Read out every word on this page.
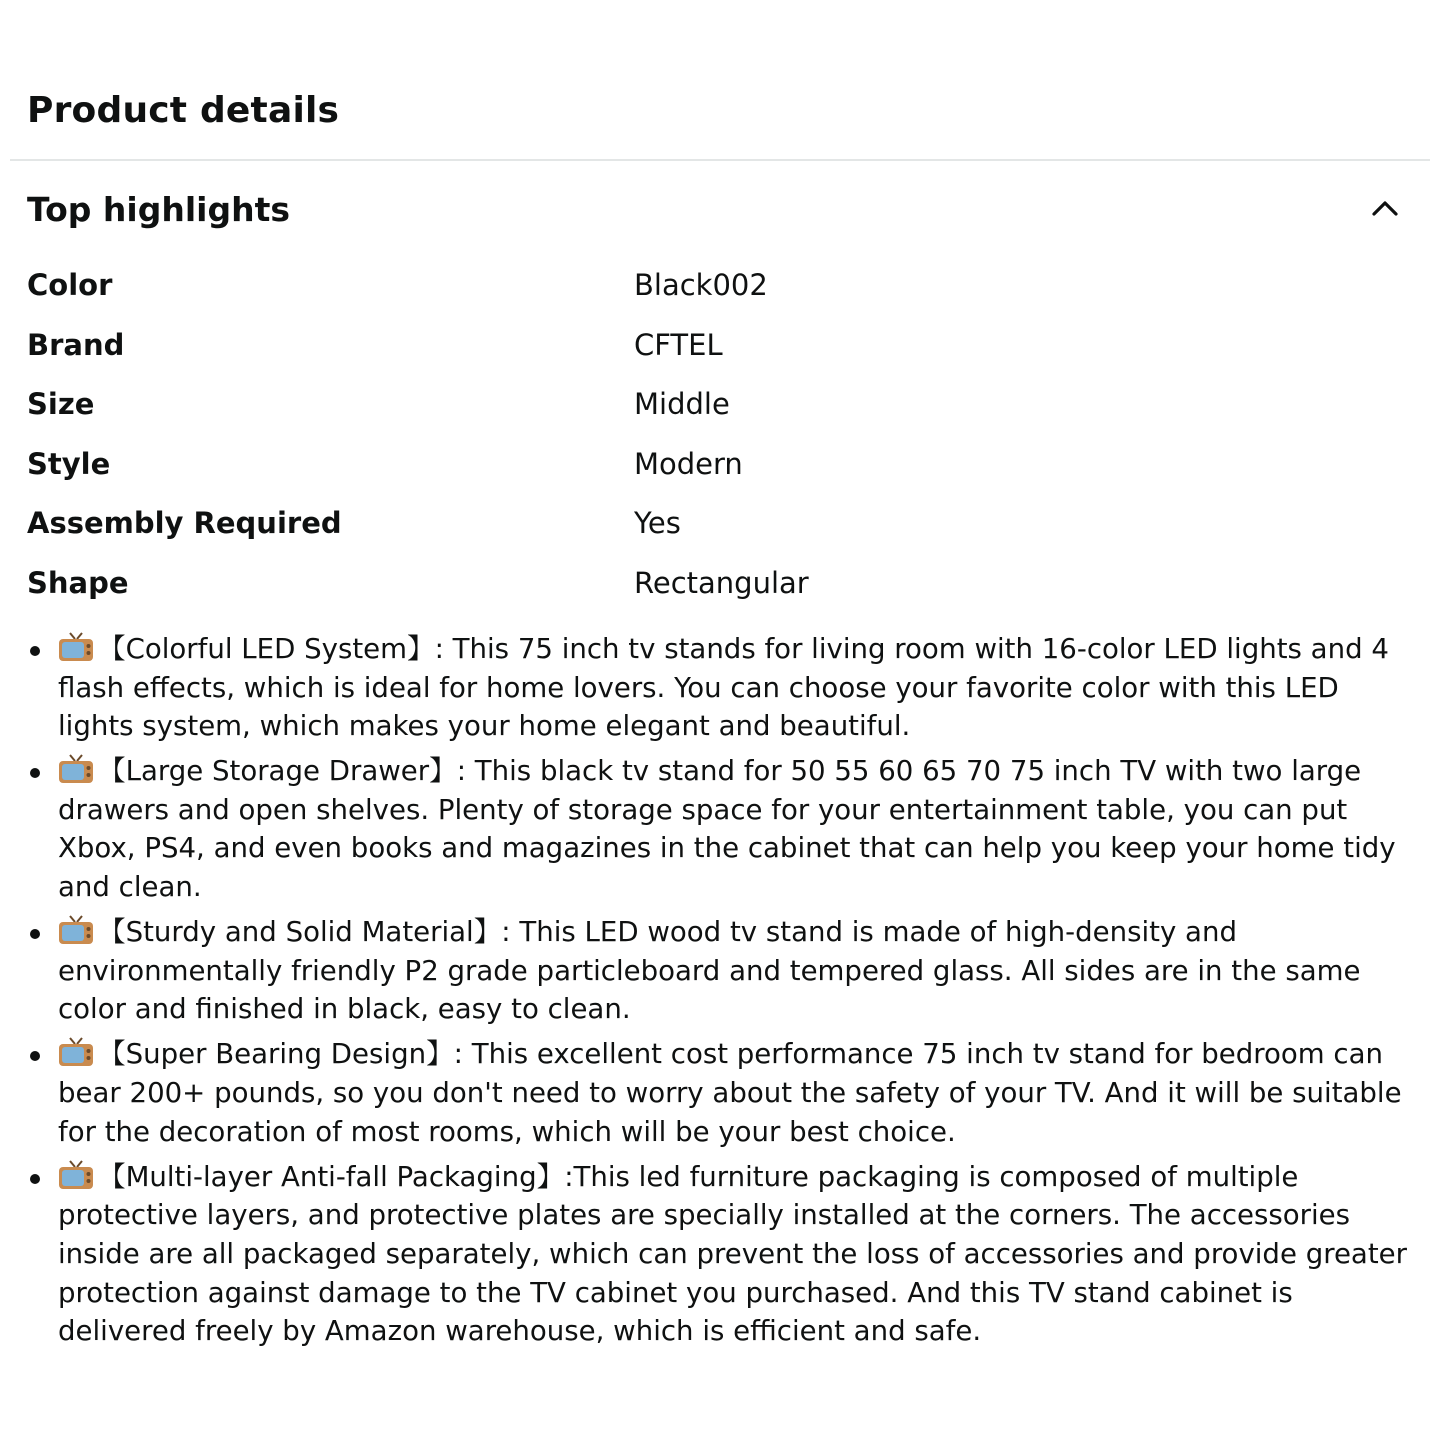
Product details
Top highlights
Color	Black002
Brand	CFTEL
Size	Middle
Style	Modern
Assembly Required	Yes
Shape	Rectangular
【Colorful LED System】: This 75 inch tv stands for living room with 16-color LED lights and 4 flash effects, which is ideal for home lovers. You can choose your favorite color with this LED lights system, which makes your home elegant and beautiful.
【Large Storage Drawer】: This black tv stand for 50 55 60 65 70 75 inch TV with two large drawers and open shelves. Plenty of storage space for your entertainment table, you can put Xbox, PS4, and even books and magazines in the cabinet that can help you keep your home tidy and clean.
【Sturdy and Solid Material】: This LED wood tv stand is made of high-density and environmentally friendly P2 grade particleboard and tempered glass. All sides are in the same color and finished in black, easy to clean.
【Super Bearing Design】: This excellent cost performance 75 inch tv stand for bedroom can bear 200+ pounds, so you don't need to worry about the safety of your TV. And it will be suitable for the decoration of most rooms, which will be your best choice.
【Multi-layer Anti-fall Packaging】:This led furniture packaging is composed of multiple protective layers, and protective plates are specially installed at the corners. The accessories inside are all packaged separately, which can prevent the loss of accessories and provide greater protection against damage to the TV cabinet you purchased. And this TV stand cabinet is delivered freely by Amazon warehouse, which is efficient and safe.
